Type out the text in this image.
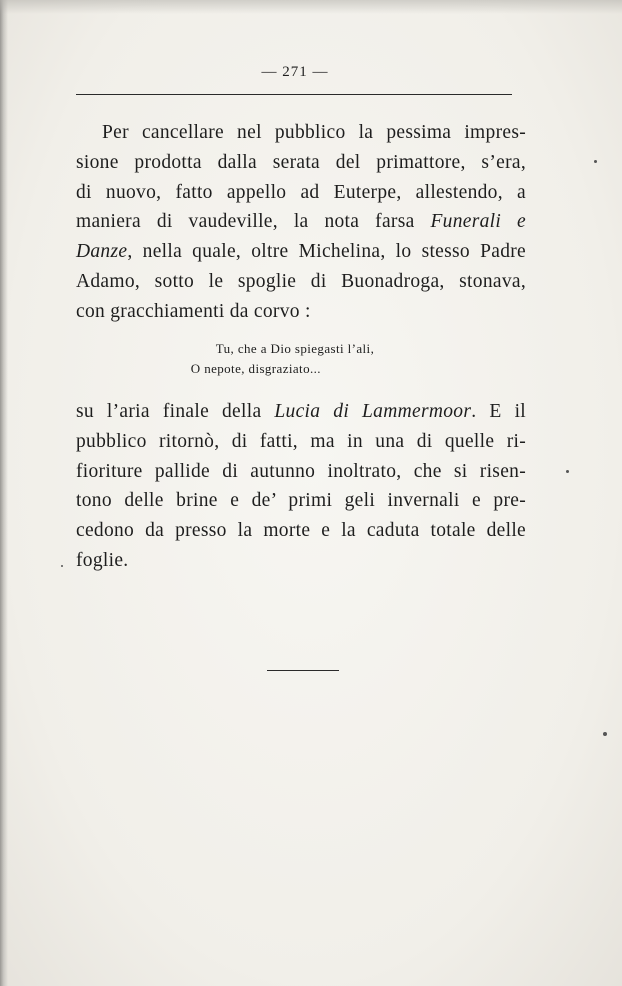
— 271 —
Per cancellare nel pubblico la pessima impres-
sione prodotta dalla serata del primattore, s’era,
di nuovo, fatto appello ad Euterpe, allestendo, a
maniera di vaudeville, la nota farsa Funerali e
Danze, nella quale, oltre Michelina, lo stesso Padre
Adamo, sotto le spoglie di Buonadroga, stonava,
con gracchiamenti da corvo :
Tu, che a Dio spiegasti l’ali,
O nepote, disgraziato...
su l’aria finale della Lucia di Lammermoor. E il
pubblico ritornò, di fatti, ma in una di quelle ri-
fioriture pallide di autunno inoltrato, che si risen-
tono delle brine e de’ primi geli invernali e pre-
cedono da presso la morte e la caduta totale delle
foglie.
